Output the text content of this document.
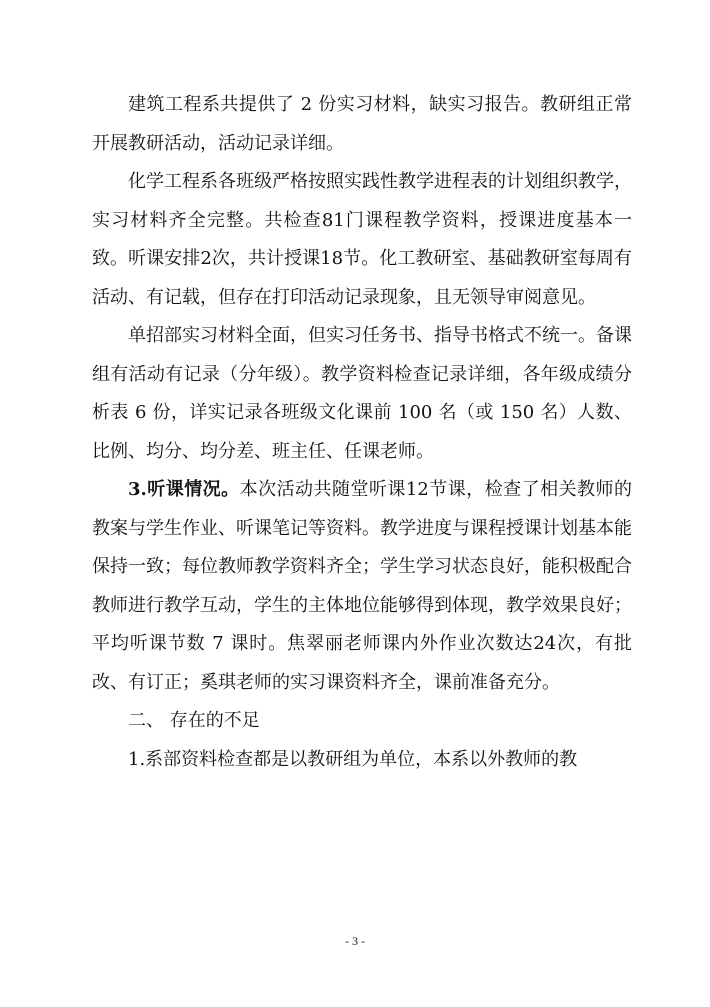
建筑工程系共提供了 2 份实习材料，缺实习报告。教研组正常开展教研活动，活动记录详细。

化学工程系各班级严格按照实践性教学进程表的计划组织教学，实习材料齐全完整。共检查81门课程教学资料，授课进度基本一致。听课安排2次，共计授课18节。化工教研室、基础教研室每周有活动、有记载，但存在打印活动记录现象，且无领导审阅意见。

单招部实习材料全面，但实习任务书、指导书格式不统一。备课组有活动有记录（分年级）。教学资料检查记录详细，各年级成绩分析表 6 份，详实记录各班级文化课前 100 名（或 150 名）人数、比例、均分、均分差、班主任、任课老师。

3.听课情况。本次活动共随堂听课12节课，检查了相关教师的教案与学生作业、听课笔记等资料。教学进度与课程授课计划基本能保持一致；每位教师教学资料齐全；学生学习状态良好，能积极配合教师进行教学互动，学生的主体地位能够得到体现，教学效果良好；平均听课节数 7 课时。焦翠丽老师课内外作业次数达24次，有批改、有订正；奚琪老师的实习课资料齐全，课前准备充分。

二、 存在的不足

1.系部资料检查都是以教研组为单位，本系以外教师的教

- 3 -
